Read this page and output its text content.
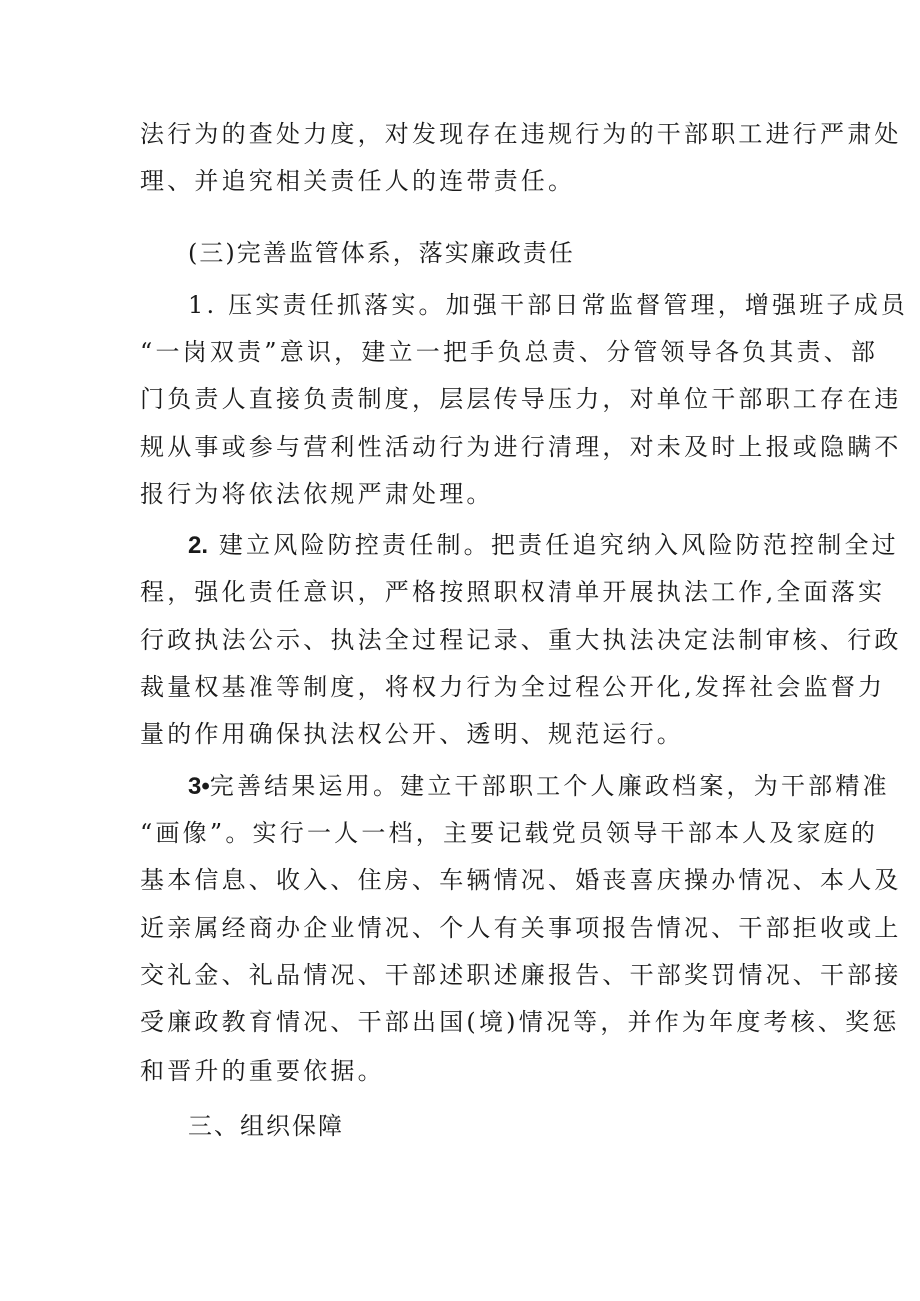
法行为的查处力度，对发现存在违规行为的干部职工进行严肃处
理、并追究相关责任人的连带责任。
(三)完善监管体系，落实廉政责任
1. 压实责任抓落实。加强干部日常监督管理，增强班子成员
“一岗双责”意识，建立一把手负总责、分管领导各负其责、部
门负责人直接负责制度，层层传导压力，对单位干部职工存在违
规从事或参与营利性活动行为进行清理，对未及时上报或隐瞒不
报行为将依法依规严肃处理。
2. 建立风险防控责任制。把责任追究纳入风险防范控制全过
程，强化责任意识，严格按照职权清单开展执法工作,全面落实
行政执法公示、执法全过程记录、重大执法决定法制审核、行政
裁量权基准等制度，将权力行为全过程公开化,发挥社会监督力
量的作用确保执法权公开、透明、规范运行。
3•完善结果运用。建立干部职工个人廉政档案，为干部精准
“画像”。实行一人一档，主要记载党员领导干部本人及家庭的
基本信息、收入、住房、车辆情况、婚丧喜庆操办情况、本人及
近亲属经商办企业情况、个人有关事项报告情况、干部拒收或上
交礼金、礼品情况、干部述职述廉报告、干部奖罚情况、干部接
受廉政教育情况、干部出国(境)情况等，并作为年度考核、奖惩
和晋升的重要依据。
三、组织保障
